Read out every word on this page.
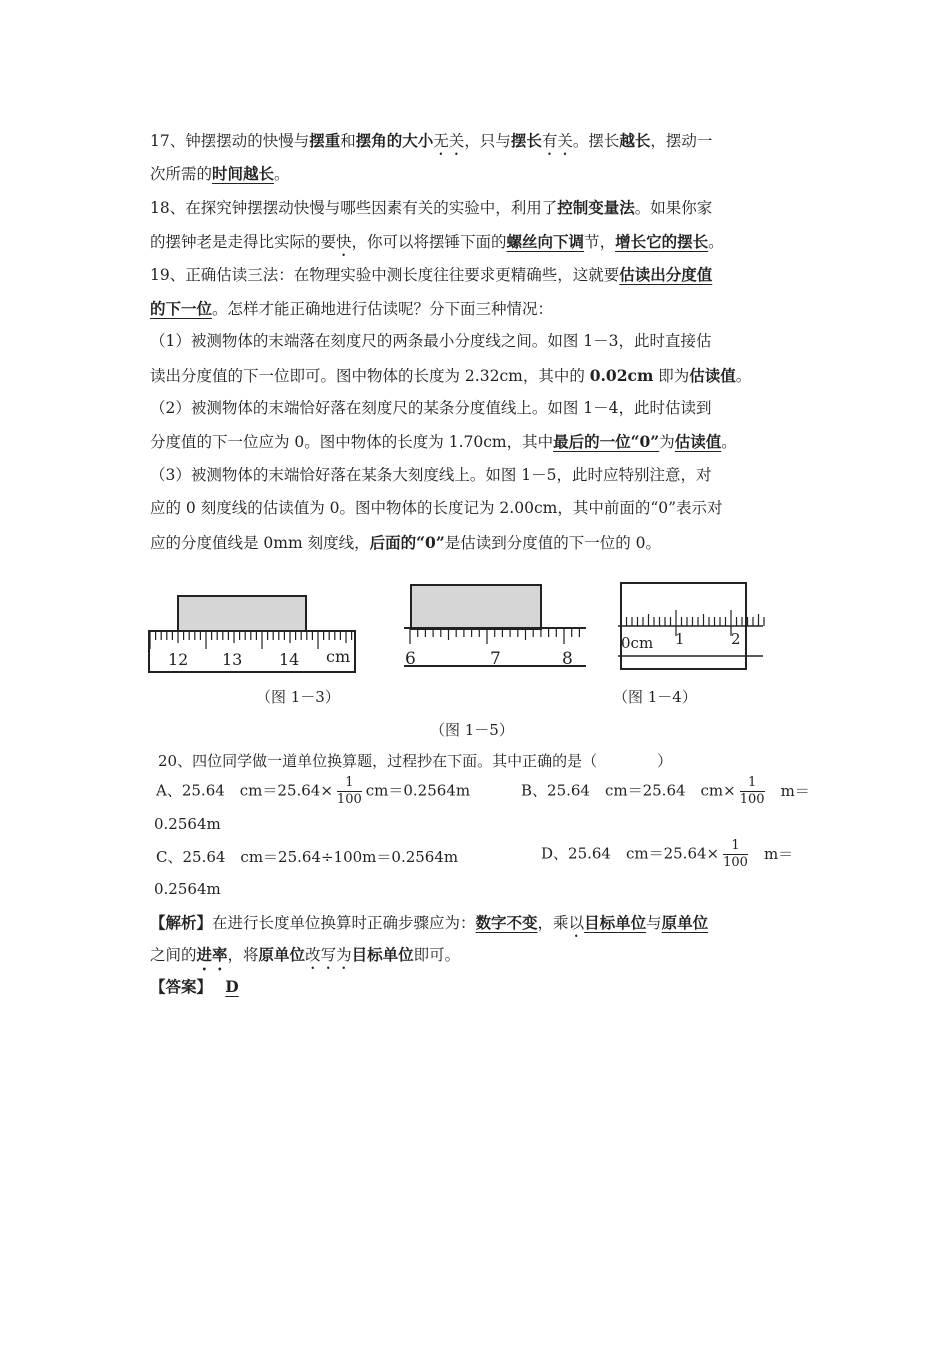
17、钟摆摆动的快慢与摆重和摆角的大小无关，只与摆长有关。摆长越长，摆动一
次所需的时间越长。
18、在探究钟摆摆动快慢与哪些因素有关的实验中，利用了控制变量法。如果你家
的摆钟老是走得比实际的要快，你可以将摆锤下面的螺丝向下调节，增长它的摆长。
19、正确估读三法：在物理实验中测长度往往要求更精确些，这就要估读出分度值
的下一位。怎样才能正确地进行估读呢？分下面三种情况：
（1）被测物体的末端落在刻度尺的两条最小分度线之间。如图 1－3，此时直接估
读出分度值的下一位即可。图中物体的长度为 2.32cm，其中的 0.02cm 即为估读值。
（2）被测物体的末端恰好落在刻度尺的某条分度值线上。如图 1－4，此时估读到
分度值的下一位应为 0。图中物体的长度为 1.70cm，其中最后的一位“0”为估读值。
（3）被测物体的末端恰好落在某条大刻度线上。如图 1－5，此时应特别注意，对
应的 0 刻度线的估读值为 0。图中物体的长度记为 2.00cm，其中前面的“0”表示对
应的分度值线是 0mm 刻度线，后面的“0”是估读到分度值的下一位的 0。
12 13 14 cm
（图 1－3）
6	7	8
0cm 1	2
（图 1－4）
（图 1－5）
20、四位同学做一道单位换算题，过程抄在下面。其中正确的是（　　　　）
A、25.64　$cm=25.64\times \frac{1}{100} cm=0.2564m$	B、25.64　cm＝25.64　$cm\times \frac{1}{100} m=$
0.2564m
C、25.64　cm＝25.64÷100m＝0.2564m	D、25.64　$cm=25.64\times \frac{1}{100} m=$
0.2564m
【解析】在进行长度单位换算时正确步骤应为：数字不变，乘以目标单位与原单位
之间的进率，将原单位改写为目标单位即可。
【答案】 D
